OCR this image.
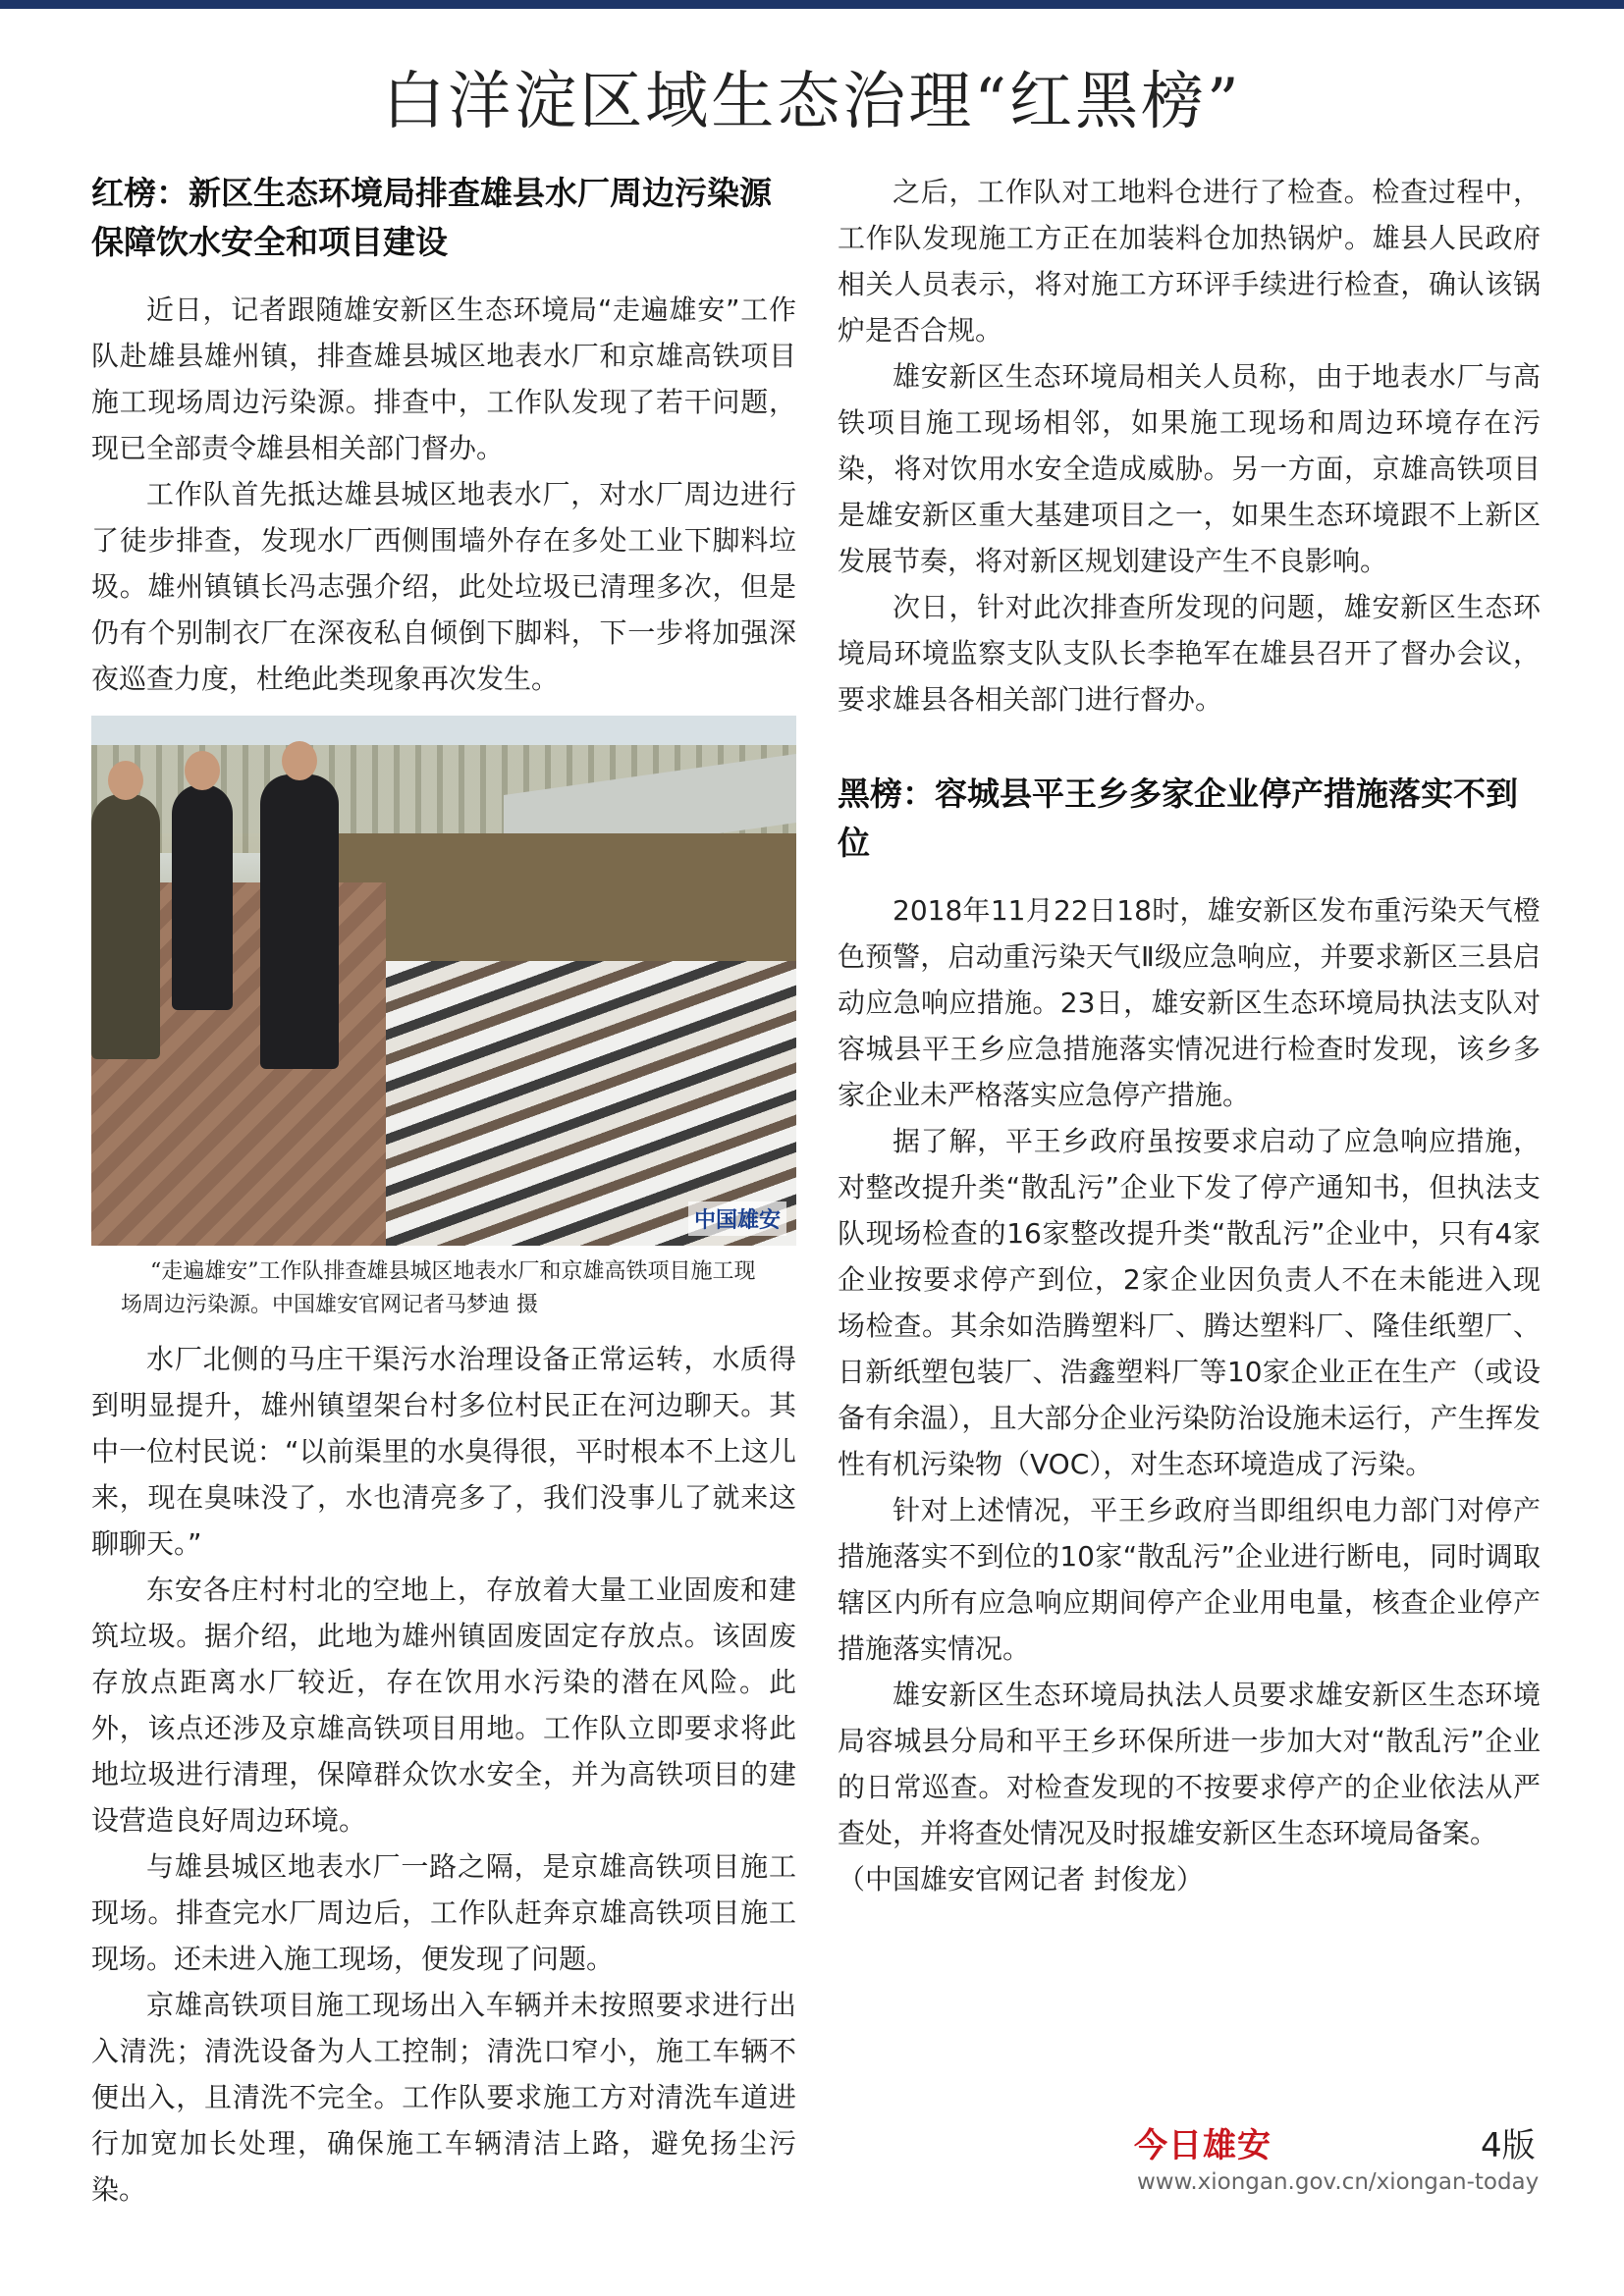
白洋淀区域生态治理“红黑榜”
红榜：新区生态环境局排查雄县水厂周边污染源保障饮水安全和项目建设

近日，记者跟随雄安新区生态环境局“走遍雄安”工作队赴雄县雄州镇，排查雄县城区地表水厂和京雄高铁项目施工现场周边污染源。排查中，工作队发现了若干问题，现已全部责令雄县相关部门督办。

工作队首先抵达雄县城区地表水厂，对水厂周边进行了徒步排查，发现水厂西侧围墙外存在多处工业下脚料垃圾。雄州镇镇长冯志强介绍，此处垃圾已清理多次，但是仍有个别制衣厂在深夜私自倾倒下脚料，下一步将加强深夜巡查力度，杜绝此类现象再次发生。

中国雄安

“走遍雄安”工作队排查雄县城区地表水厂和京雄高铁项目施工现场周边污染源。中国雄安官网记者马梦迪 摄

水厂北侧的马庄干渠污水治理设备正常运转，水质得到明显提升，雄州镇望架台村多位村民正在河边聊天。其中一位村民说：“以前渠里的水臭得很，平时根本不上这儿来，现在臭味没了，水也清亮多了，我们没事儿了就来这聊聊天。”

东安各庄村村北的空地上，存放着大量工业固废和建筑垃圾。据介绍，此地为雄州镇固废固定存放点。该固废存放点距离水厂较近，存在饮用水污染的潜在风险。此外，该点还涉及京雄高铁项目用地。工作队立即要求将此地垃圾进行清理，保障群众饮水安全，并为高铁项目的建设营造良好周边环境。

与雄县城区地表水厂一路之隔，是京雄高铁项目施工现场。排查完水厂周边后，工作队赶奔京雄高铁项目施工现场。还未进入施工现场，便发现了问题。

京雄高铁项目施工现场出入车辆并未按照要求进行出入清洗；清洗设备为人工控制；清洗口窄小，施工车辆不便出入，且清洗不完全。工作队要求施工方对清洗车道进行加宽加长处理，确保施工车辆清洁上路，避免扬尘污染。

之后，工作队对工地料仓进行了检查。检查过程中，工作队发现施工方正在加装料仓加热锅炉。雄县人民政府相关人员表示，将对施工方环评手续进行检查，确认该锅炉是否合规。

雄安新区生态环境局相关人员称，由于地表水厂与高铁项目施工现场相邻，如果施工现场和周边环境存在污染，将对饮用水安全造成威胁。另一方面，京雄高铁项目是雄安新区重大基建项目之一，如果生态环境跟不上新区发展节奏，将对新区规划建设产生不良影响。

次日，针对此次排查所发现的问题，雄安新区生态环境局环境监察支队支队长李艳军在雄县召开了督办会议，要求雄县各相关部门进行督办。

黑榜：容城县平王乡多家企业停产措施落实不到位

2018年11月22日18时，雄安新区发布重污染天气橙色预警，启动重污染天气Ⅱ级应急响应，并要求新区三县启动应急响应措施。23日，雄安新区生态环境局执法支队对容城县平王乡应急措施落实情况进行检查时发现，该乡多家企业未严格落实应急停产措施。

据了解，平王乡政府虽按要求启动了应急响应措施，对整改提升类“散乱污”企业下发了停产通知书，但执法支队现场检查的16家整改提升类“散乱污”企业中，只有4家企业按要求停产到位，2家企业因负责人不在未能进入现场检查。其余如浩腾塑料厂、腾达塑料厂、隆佳纸塑厂、日新纸塑包装厂、浩鑫塑料厂等10家企业正在生产（或设备有余温），且大部分企业污染防治设施未运行，产生挥发性有机污染物（VOC），对生态环境造成了污染。

针对上述情况，平王乡政府当即组织电力部门对停产措施落实不到位的10家“散乱污”企业进行断电，同时调取辖区内所有应急响应期间停产企业用电量，核查企业停产措施落实情况。

雄安新区生态环境局执法人员要求雄安新区生态环境局容城县分局和平王乡环保所进一步加大对“散乱污”企业的日常巡查。对检查发现的不按要求停产的企业依法从严查处，并将查处情况及时报雄安新区生态环境局备案。

（中国雄安官网记者 封俊龙）

今日雄安	4版
www.xiongan.gov.cn/xiongan-today
